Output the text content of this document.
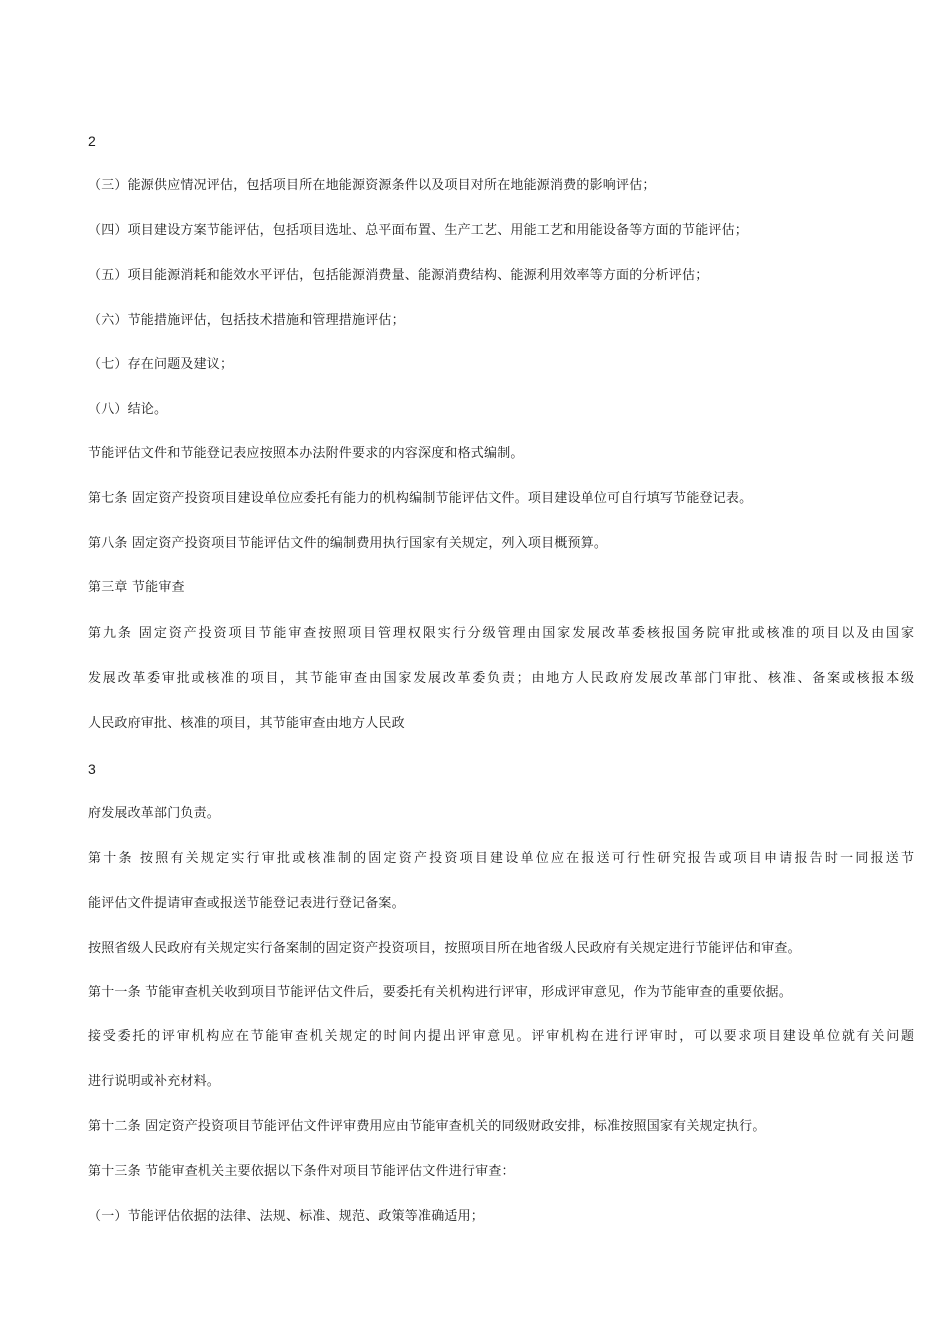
2
（三）能源供应情况评估，包括项目所在地能源资源条件以及项目对所在地能源消费的影响评估；
（四）项目建设方案节能评估，包括项目选址、总平面布置、生产工艺、用能工艺和用能设备等方面的节能评估；
（五）项目能源消耗和能效水平评估，包括能源消费量、能源消费结构、能源利用效率等方面的分析评估；
（六）节能措施评估，包括技术措施和管理措施评估；
（七）存在问题及建议；
（八）结论。
节能评估文件和节能登记表应按照本办法附件要求的内容深度和格式编制。
第七条 固定资产投资项目建设单位应委托有能力的机构编制节能评估文件。项目建设单位可自行填写节能登记表。
第八条 固定资产投资项目节能评估文件的编制费用执行国家有关规定，列入项目概预算。
第三章 节能审查
第九条 固定资产投资项目节能审查按照项目管理权限实行分级管理由国家发展改革委核报国务院审批或核准的项目以及由国家
发展改革委审批或核准的项目，其节能审查由国家发展改革委负责；由地方人民政府发展改革部门审批、核准、备案或核报本级
人民政府审批、核准的项目，其节能审查由地方人民政
3
府发展改革部门负责。
第十条 按照有关规定实行审批或核准制的固定资产投资项目建设单位应在报送可行性研究报告或项目申请报告时一同报送节
能评估文件提请审查或报送节能登记表进行登记备案。
按照省级人民政府有关规定实行备案制的固定资产投资项目，按照项目所在地省级人民政府有关规定进行节能评估和审查。
第十一条 节能审查机关收到项目节能评估文件后，要委托有关机构进行评审，形成评审意见，作为节能审查的重要依据。
接受委托的评审机构应在节能审查机关规定的时间内提出评审意见。评审机构在进行评审时，可以要求项目建设单位就有关问题
进行说明或补充材料。
第十二条 固定资产投资项目节能评估文件评审费用应由节能审查机关的同级财政安排，标准按照国家有关规定执行。
第十三条 节能审查机关主要依据以下条件对项目节能评估文件进行审查：
（一）节能评估依据的法律、法规、标准、规范、政策等准确适用；
